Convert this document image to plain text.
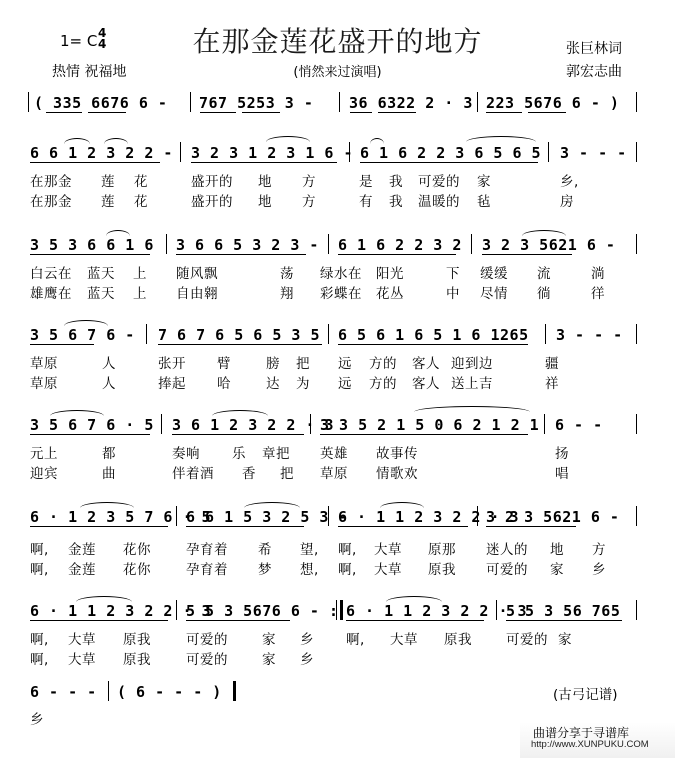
在那金莲花盛开的地方
1= C 4
4
热情 祝福地	(悄然来过演唱)
张巨林词
郭宏志曲
( 335 6676 6 - 767 5253 3 - 36 6322 2 · 3 223 5676 6 - )
6 6 1 2 3 2 2 - 3 2 3 1 2 3 1 6 - 6 1 6 2 2 3 6 5 6 5 3 - - -
在那金 莲 花	盛开的 地 方	是 我 可爱的 家	乡,
在那金 莲 花	盛开的 地 方	有 我 温暖的 毡	房
3 5 3 6 6 1 6 3 6 6 5 3 2 3 - 6 1 6 2 2 3 2 3 2 3 5621 6 -
白云在 蓝天 上 随风飘	荡 绿水在 阳光	下 缓缓 流	淌
雄鹰在 蓝天 上 自由翱	翔 彩蝶在 花丛	中 尽情 徜	徉
3 5 6 7 6 - 7 6 7 6 5 6 5 3 5 6 5 6 1 6 5 1 6 1265 3 - - -
草原	人	张开 臂	膀 把 远 方的 客人 迎到边	疆
草原	人	捧起 哈	达 为 远 方的 客人 送上吉	祥
3 5 6 7 6 · 5 3 6 1 2 3 2 2 · 3
3 3 5 2 1 5 0 6 2 1 2 1 6 - -
元上	都	奏响 乐 章把 英雄 故事传	扬
迎宾	曲	伴着酒 香 把 草原 情歌欢	唱
6 · 1 2 3 5 7 6 · 5
6 6 1 5 3 2 5 3 -
6 · 1 1 2 3 2 2 · 3
3 2 3 5621 6 -
啊, 金莲 花你	孕育着 希 望, 啊, 大草 原那 迷人的 地 方
啊, 金莲 花你	孕育着 梦 想, 啊, 大草 原我 可爱的 家 乡
6 · 1 1 2 3 2 2 · 3
5 5 3 5676 6 - : 6 · 1 1 2 3 2 2 · 3
5 5 3 56 765
啊, 大草 原我	可爱的	家 乡 啊, 大草 原我	可爱的 家
啊, 大草 原我	可爱的	家 乡
6 - - - ( 6 - - - )
乡
(古弓记谱)
曲谱分享于寻谱库
http://www.XUNPUKU.COM
